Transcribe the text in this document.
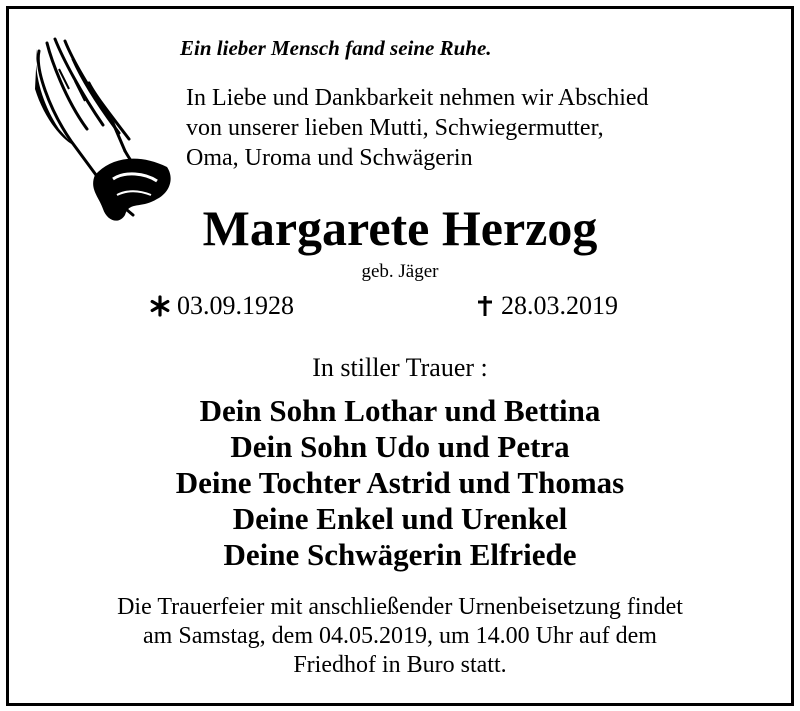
Ein lieber Mensch fand seine Ruhe.
In Liebe und Dankbarkeit nehmen wir Abschied
von unserer lieben Mutti, Schwiegermutter,
Oma, Uroma und Schwägerin
Margarete Herzog
geb. Jäger
03.09.1928	28.03.2019
In stiller Trauer :
Dein Sohn Lothar und Bettina
Dein Sohn Udo und Petra
Deine Tochter Astrid und Thomas
Deine Enkel und Urenkel
Deine Schwägerin Elfriede
Die Trauerfeier mit anschließender Urnenbeisetzung findet
am Samstag, dem 04.05.2019, um 14.00 Uhr auf dem
Friedhof in Buro statt.
